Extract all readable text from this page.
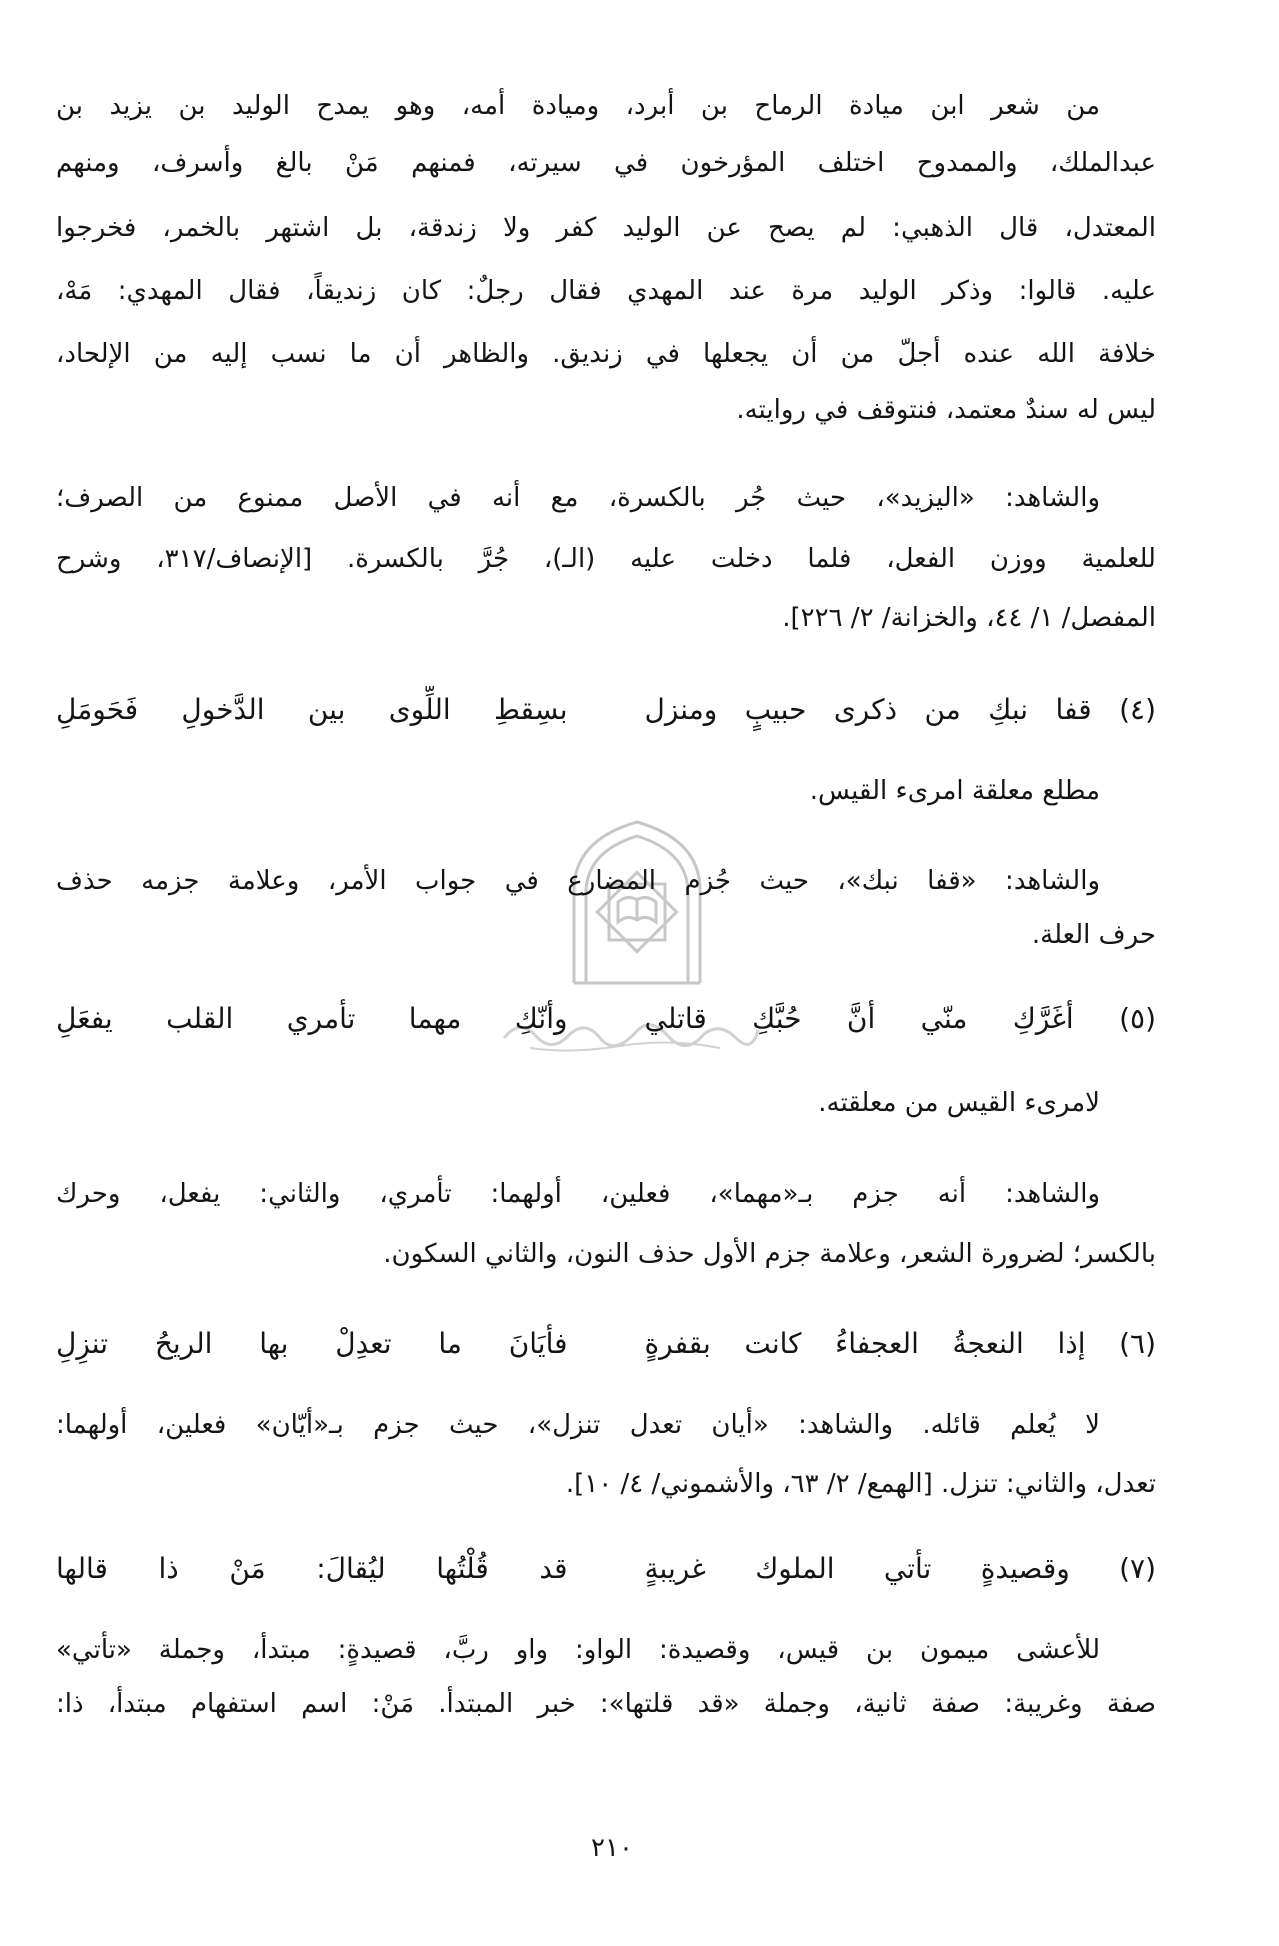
من شعر ابن ميادة الرماح بن أبرد، وميادة أمه، وهو يمدح الوليد بن يزيد بن
عبدالملك، والممدوح اختلف المؤرخون في سيرته، فمنهم مَنْ بالغ وأسرف، ومنهم
المعتدل، قال الذهبي: لم يصح عن الوليد كفر ولا زندقة، بل اشتهر بالخمر، فخرجوا
عليه. قالوا: وذكر الوليد مرة عند المهدي فقال رجلٌ: كان زنديقاً، فقال المهدي: مَهْ،
خلافة الله عنده أجلّ من أن يجعلها في زنديق. والظاهر أن ما نسب إليه من الإلحاد،
ليس له سندٌ معتمد، فنتوقف في روايته.
والشاهد: «اليزيد»، حيث جُر بالكسرة، مع أنه في الأصل ممنوع من الصرف؛
للعلمية ووزن الفعل، فلما دخلت عليه (الـ)، جُرَّ بالكسرة. [الإنصاف/٣١٧، وشرح
المفصل/ ١/ ٤٤، والخزانة/ ٢/ ٢٢٦].
(٤) قفا نبكِ من ذكرى حبيبٍ ومنزل
بسِقطِ اللِّوى بين الدَّخولِ فَحَومَلِ
مطلع معلقة امرىء القيس.
والشاهد: «قفا نبك»، حيث جُزم المضارع في جواب الأمر، وعلامة جزمه حذف
حرف العلة.
(٥) أغَرَّكِ منّي أنَّ حُبَّكِ قاتلي
وأنّكِ مهما تأمري القلب يفعَلِ
لامرىء القيس من معلقته.
والشاهد: أنه جزم بـ«مهما»، فعلين، أولهما: تأمري، والثاني: يفعل، وحرك
بالكسر؛ لضرورة الشعر، وعلامة جزم الأول حذف النون، والثاني السكون.
(٦) إذا النعجةُ العجفاءُ كانت بقفرةٍ
فأيَانَ ما تعدِلْ بها الريحُ تنزِلِ
لا يُعلم قائله. والشاهد: «أيان تعدل تنزل»، حيث جزم بـ«أيّان» فعلين، أولهما:
تعدل، والثاني: تنزل. [الهمع/ ٢/ ٦٣، والأشموني/ ٤/ ١٠].
(٧) وقصيدةٍ تأتي الملوك غريبةٍ
قد قُلْتُها ليُقالَ: مَنْ ذا قالها
للأعشى ميمون بن قيس، وقصيدة: الواو: واو ربَّ، قصيدةٍ: مبتدأ، وجملة «تأتي»
صفة وغريبة: صفة ثانية، وجملة «قد قلتها»: خبر المبتدأ. مَنْ: اسم استفهام مبتدأ، ذا:
٢١٠
